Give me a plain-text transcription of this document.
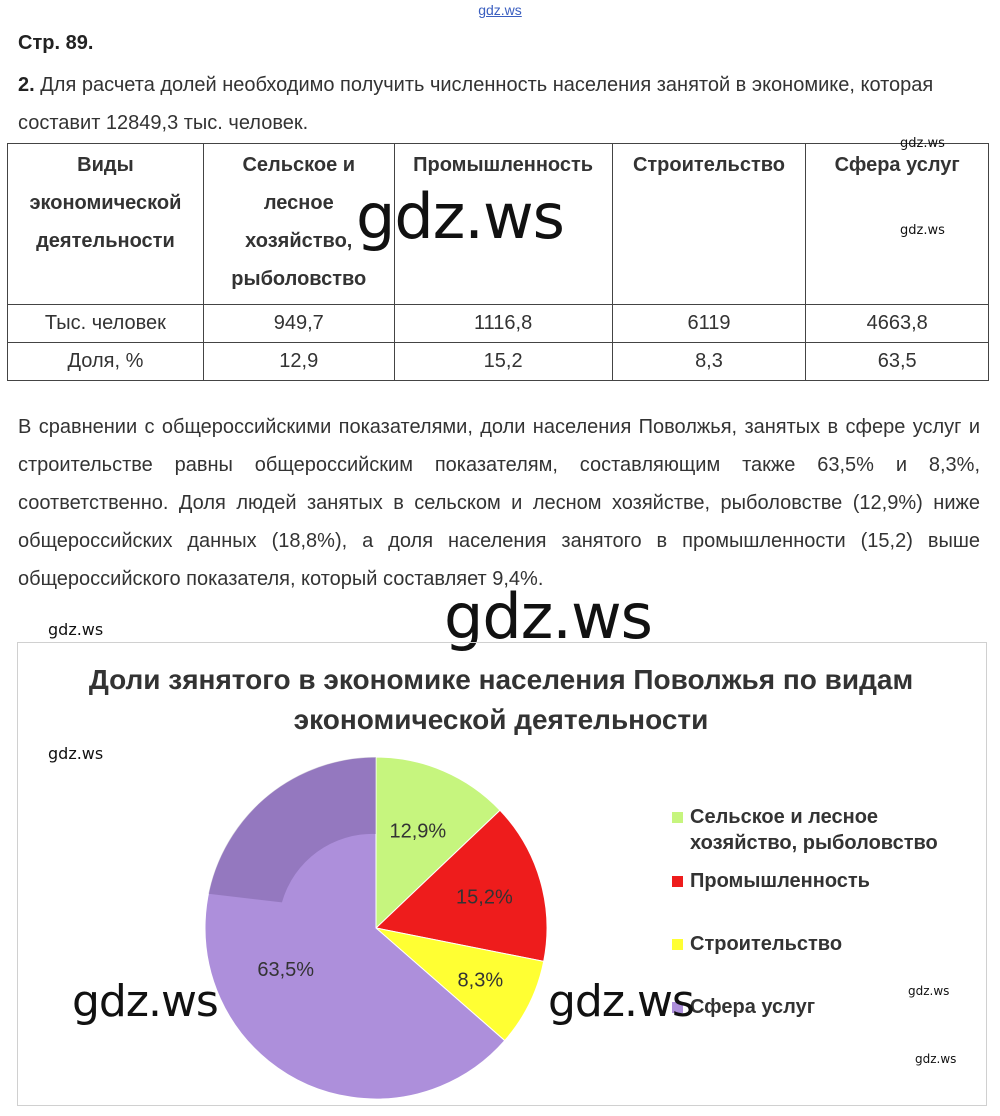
gdz.ws
Стр. 89.
2. Для расчета долей необходимо получить численность населения занятой в экономике, которая составит 12849,3 тыс. человек.
Виды экономической деятельности	Сельское и лесное хозяйство, рыболовство	Промышленность	Строительство	Сфера услуг
Тыс. человек	949,7	1116,8	6119	4663,8
Доля, %	12,9	15,2	8,3	63,5
gdz.ws
gdz.ws
gdz.ws
В сравнении с общероссийскими показателями, доли населения Поволжья, занятых в сфере услуг и строительстве равны общероссийским показателям, составляющим также 63,5% и 8,3%, соответственно. Доля людей занятых в сельском и лесном хозяйстве, рыболовстве (12,9%) ниже общероссийских данных (18,8%), а доля населения занятого в промышленности (15,2) выше общероссийского показателя, который составляет 9,4%.
gdz.ws
Доли зянятого в экономике населения Поволжья по видам экономической деятельности
12,9%
15,2%
8,3%
63,5%
Сельское и лесное хозяйство, рыболовство
Промышленность
Строительство
Сфера услуг
gdz.ws
gdz.ws
gdz.ws	gdz.ws	gdz.ws
gdz.ws
